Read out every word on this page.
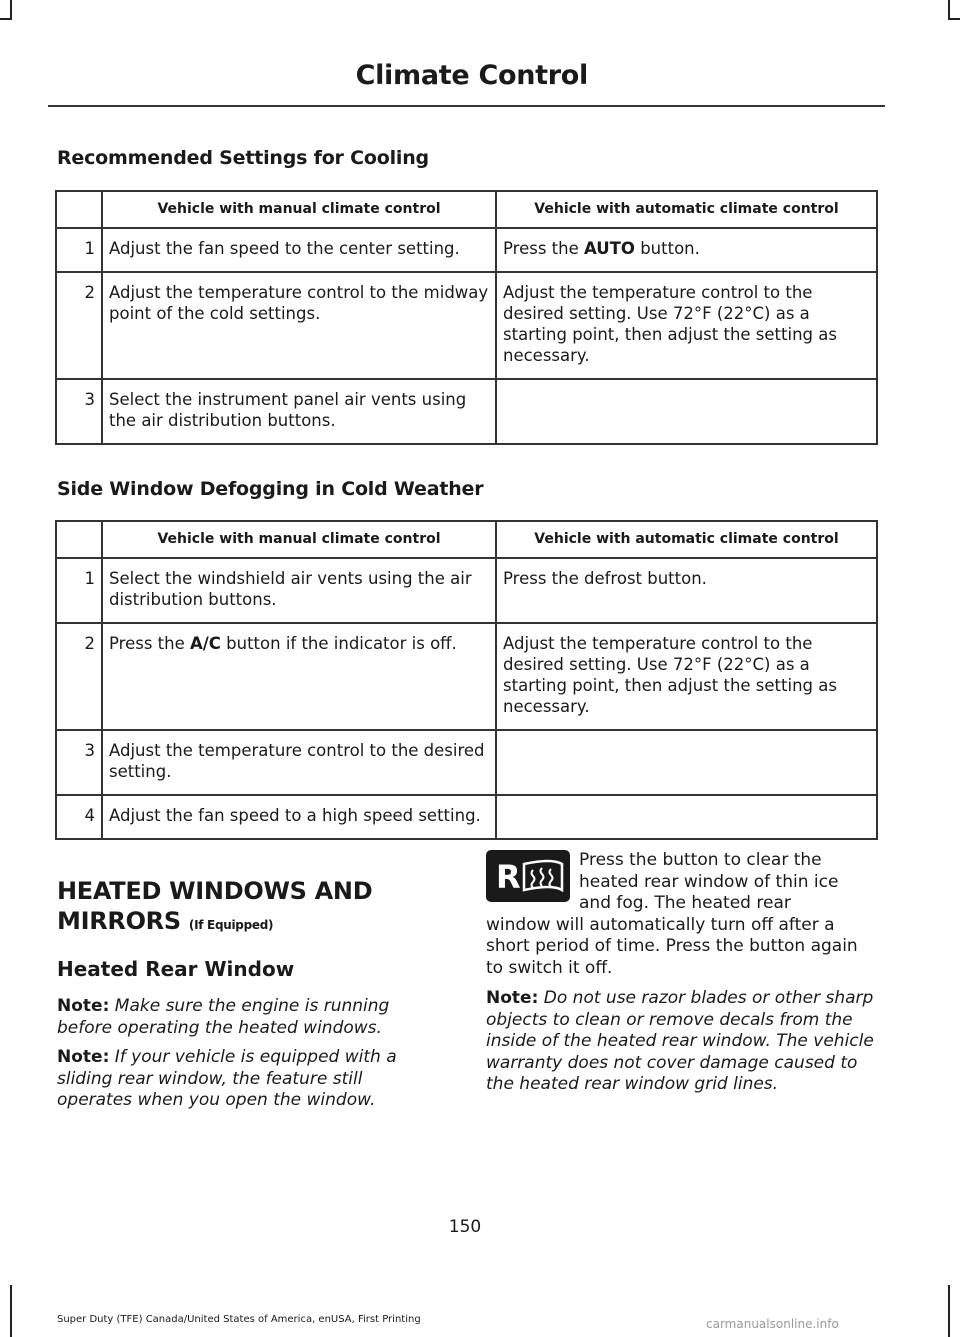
Climate Control
Recommended Settings for Cooling
	Vehicle with manual climate control	Vehicle with automatic climate control
1	Adjust the fan speed to the center setting.	Press the AUTO button.
2	Adjust the temperature control to the midway point of the cold settings.	Adjust the temperature control to the desired setting. Use 72°F (22°C) as a starting point, then adjust the setting as necessary.
3	Select the instrument panel air vents using the air distribution buttons.	
Side Window Defogging in Cold Weather
	Vehicle with manual climate control	Vehicle with automatic climate control
1	Select the windshield air vents using the air distribution buttons.	Press the defrost button.
2	Press the A/C button if the indicator is off.	Adjust the temperature control to the desired setting. Use 72°F (22°C) as a starting point, then adjust the setting as necessary.
3	Adjust the temperature control to the desired setting.	
4	Adjust the fan speed to a high speed setting.	
HEATED WINDOWS AND
MIRRORS (If Equipped)
Heated Rear Window
Note: Make sure the engine is running before operating the heated windows.
Note: If your vehicle is equipped with a sliding rear window, the feature still operates when you open the window.
R	Press the button to clear the
heated rear window of thin ice
and fog. The heated rear
window will automatically turn off after a short period of time. Press the button again to switch it off.
Note: Do not use razor blades or other sharp objects to clean or remove decals from the inside of the heated rear window. The vehicle warranty does not cover damage caused to the heated rear window grid lines.
150
Super Duty (TFE) Canada/United States of America, enUSA, First Printing	carmanualsonline.info
